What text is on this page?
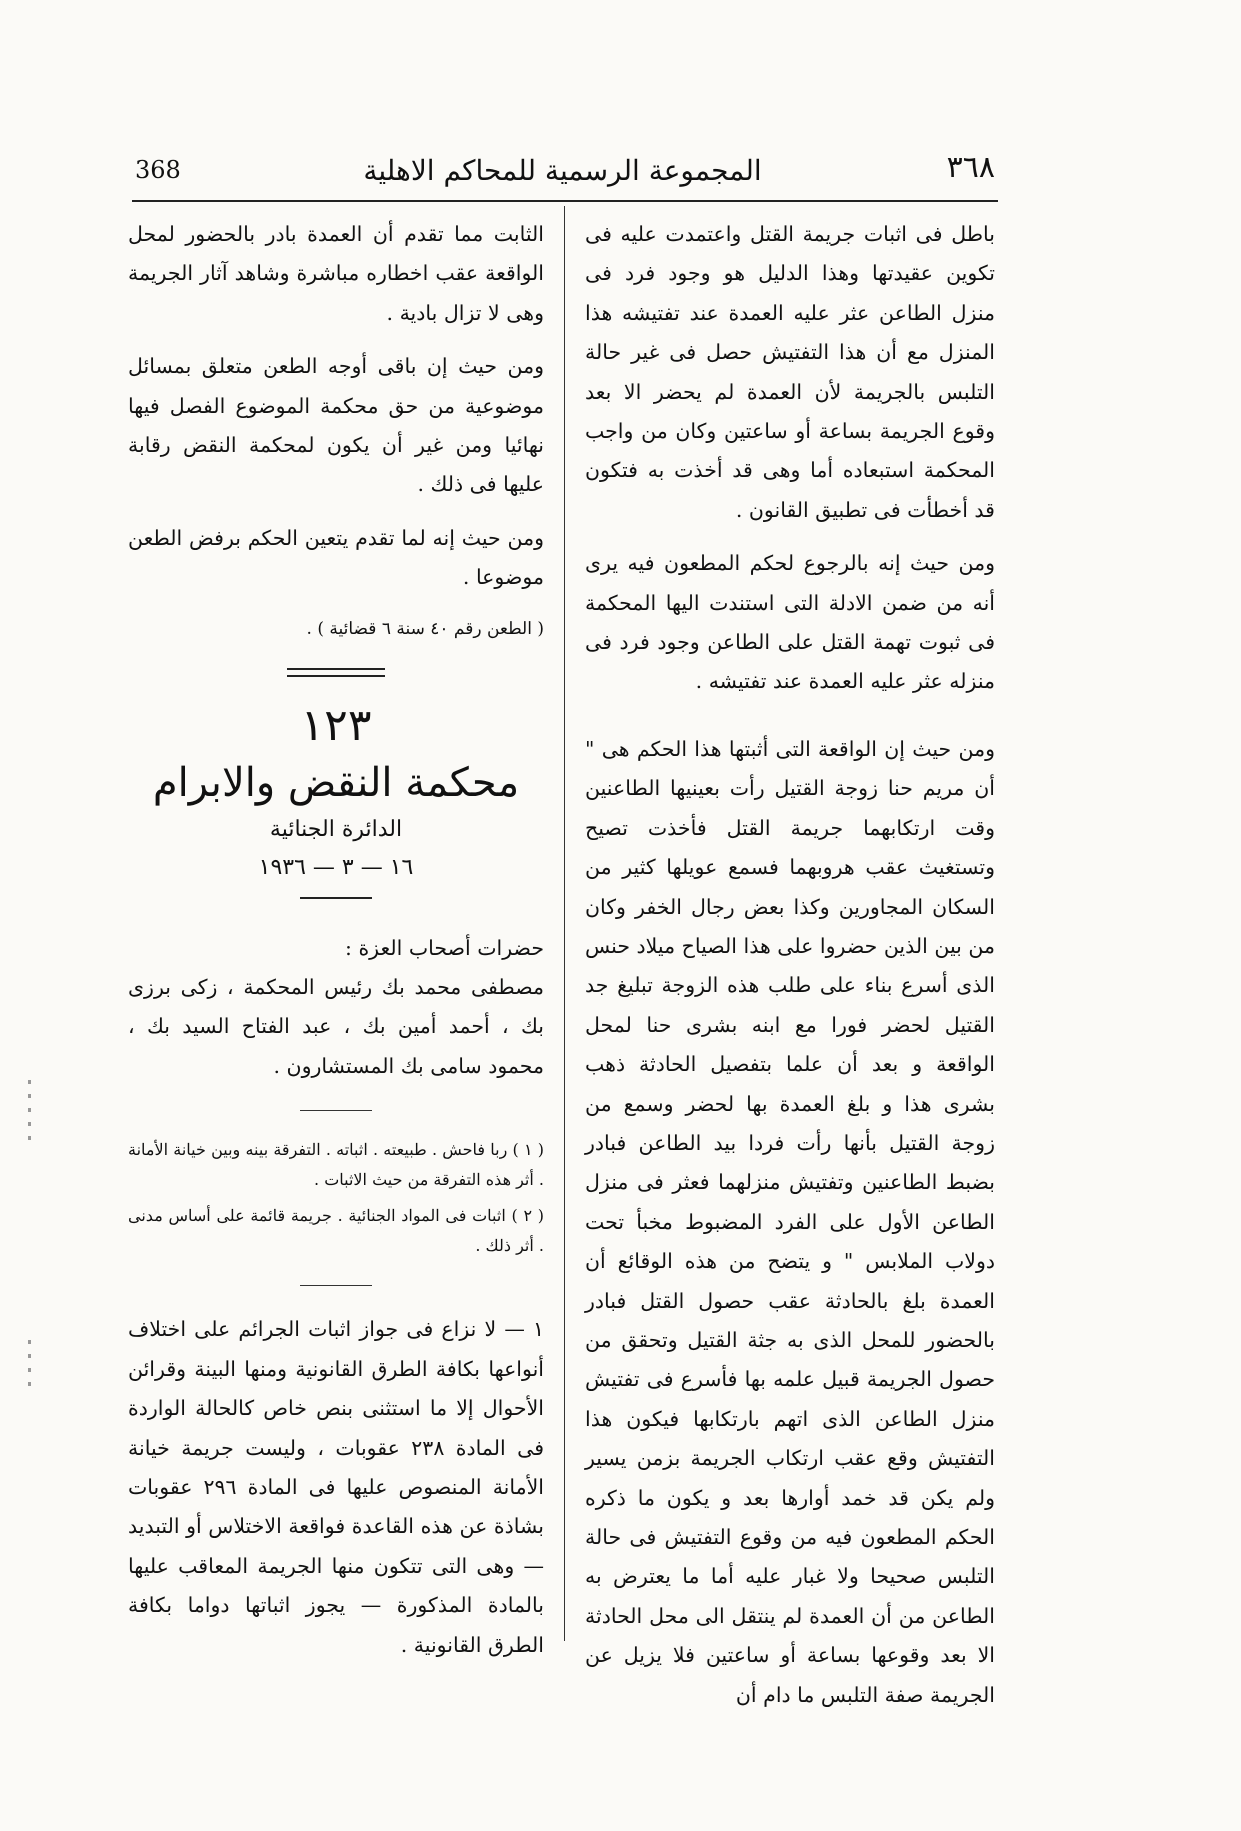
368	المجموعة الرسمية للمحاكم الاهلية	٣٦٨

باطل فى اثبات جريمة القتل واعتمدت عليه فى تكوين عقيدتها وهذا الدليل هو وجود فرد فى منزل الطاعن عثر عليه العمدة عند تفتيشه هذا المنزل مع أن هذا التفتيش حصل فى غير حالة التلبس بالجريمة لأن العمدة لم يحضر الا بعد وقوع الجريمة بساعة أو ساعتين وكان من واجب المحكمة استبعاده أما وهى قد أخذت به فتكون قد أخطأت فى تطبيق القانون .

ومن حيث إنه بالرجوع لحكم المطعون فيه يرى أنه من ضمن الادلة التى استندت اليها المحكمة فى ثبوت تهمة القتل على الطاعن وجود فرد فى منزله عثر عليه العمدة عند تفتيشه .

ومن حيث إن الواقعة التى أثبتها هذا الحكم هى " أن مريم حنا زوجة القتيل رأت بعينيها الطاعنين وقت ارتكابهما جريمة القتل فأخذت تصيح وتستغيث عقب هروبهما فسمع عويلها كثير من السكان المجاورين وكذا بعض رجال الخفر وكان من بين الذين حضروا على هذا الصياح ميلاد حنس الذى أسرع بناء على طلب هذه الزوجة تبليغ جد القتيل لحضر فورا مع ابنه بشرى حنا لمحل الواقعة و بعد أن علما بتفصيل الحادثة ذهب بشرى هذا و بلغ العمدة بها لحضر وسمع من زوجة القتيل بأنها رأت فردا بيد الطاعن فبادر بضبط الطاعنين وتفتيش منزلهما فعثر فى منزل الطاعن الأول على الفرد المضبوط مخبأ تحت دولاب الملابس " و يتضح من هذه الوقائع أن العمدة بلغ بالحادثة عقب حصول القتل فبادر بالحضور للمحل الذى به جثة القتيل وتحقق من حصول الجريمة قبيل علمه بها فأسرع فى تفتيش منزل الطاعن الذى اتهم بارتكابها فيكون هذا التفتيش وقع عقب ارتكاب الجريمة بزمن يسير ولم يكن قد خمد أوارها بعد و يكون ما ذكره الحكم المطعون فيه من وقوع التفتيش فى حالة التلبس صحيحا ولا غبار عليه أما ما يعترض به الطاعن من أن العمدة لم ينتقل الى محل الحادثة الا بعد وقوعها بساعة أو ساعتين فلا يزيل عن الجريمة صفة التلبس ما دام أن

الثابت مما تقدم أن العمدة بادر بالحضور لمحل الواقعة عقب اخطاره مباشرة وشاهد آثار الجريمة وهى لا تزال بادية .

ومن حيث إن باقى أوجه الطعن متعلق بمسائل موضوعية من حق محكمة الموضوع الفصل فيها نهائيا ومن غير أن يكون لمحكمة النقض رقابة عليها فى ذلك .

ومن حيث إنه لما تقدم يتعين الحكم برفض الطعن موضوعا .

( الطعن رقم ٤٠ سنة ٦ قضائية ) .

١٢٣
محكمة النقض والابرام
الدائرة الجنائية
١٦ — ٣ — ١٩٣٦

حضرات أصحاب العزة :

مصطفى محمد بك رئيس المحكمة ، زكى برزى بك ، أحمد أمين بك ، عبد الفتاح السيد بك ، محمود سامى بك المستشارون .

( ١ ) ربا فاحش . طبيعته . اثباته . التفرقة بينه وبين خيانة الأمانة . أثر هذه التفرقة من حيث الاثبات .

( ٢ ) اثبات فى المواد الجنائية . جريمة قائمة على أساس مدنى . أثر ذلك .

١ — لا نزاع فى جواز اثبات الجرائم على اختلاف أنواعها بكافة الطرق القانونية ومنها البينة وقرائن الأحوال إلا ما استثنى بنص خاص كالحالة الواردة فى المادة ٢٣٨ عقوبات ، وليست جريمة خيانة الأمانة المنصوص عليها فى المادة ٢٩٦ عقوبات بشاذة عن هذه القاعدة فواقعة الاختلاس أو التبديد — وهى التى تتكون منها الجريمة المعاقب عليها بالمادة المذكورة — يجوز اثباتها دواما بكافة الطرق القانونية .
